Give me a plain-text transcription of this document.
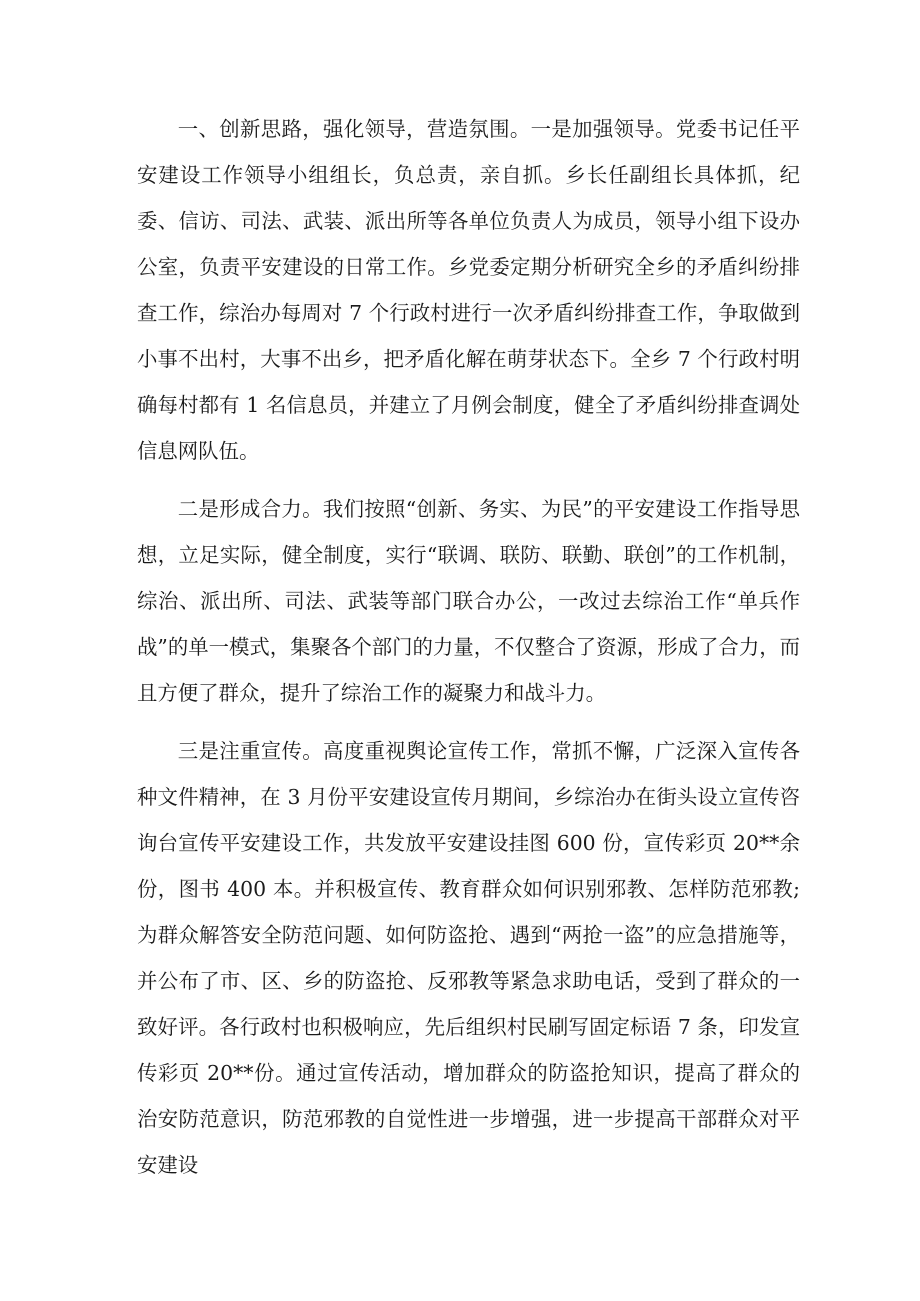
一、创新思路，强化领导，营造氛围。一是加强领导。党委书记任平安建设工作领导小组组长，负总责，亲自抓。乡长任副组长具体抓，纪委、信访、司法、武装、派出所等各单位负责人为成员，领导小组下设办公室，负责平安建设的日常工作。乡党委定期分析研究全乡的矛盾纠纷排查工作，综治办每周对 7 个行政村进行一次矛盾纠纷排查工作，争取做到小事不出村，大事不出乡，把矛盾化解在萌芽状态下。全乡 7 个行政村明确每村都有 1 名信息员，并建立了月例会制度，健全了矛盾纠纷排查调处信息网队伍。

二是形成合力。我们按照“创新、务实、为民”的平安建设工作指导思想，立足实际，健全制度，实行“联调、联防、联勤、联创”的工作机制，综治、派出所、司法、武装等部门联合办公，一改过去综治工作“单兵作战”的单一模式，集聚各个部门的力量，不仅整合了资源，形成了合力，而且方便了群众，提升了综治工作的凝聚力和战斗力。

三是注重宣传。高度重视舆论宣传工作，常抓不懈，广泛深入宣传各种文件精神，在 3 月份平安建设宣传月期间，乡综治办在街头设立宣传咨询台宣传平安建设工作，共发放平安建设挂图 600 份，宣传彩页 20**余份，图书 400 本。并积极宣传、教育群众如何识别邪教、怎样防范邪教;为群众解答安全防范问题、如何防盗抢、遇到“两抢一盗”的应急措施等，并公布了市、区、乡的防盗抢、反邪教等紧急求助电话，受到了群众的一致好评。各行政村也积极响应，先后组织村民刷写固定标语 7 条，印发宣传彩页 20**份。通过宣传活动，增加群众的防盗抢知识，提高了群众的治安防范意识，防范邪教的自觉性进一步增强，进一步提高干部群众对平安建设
